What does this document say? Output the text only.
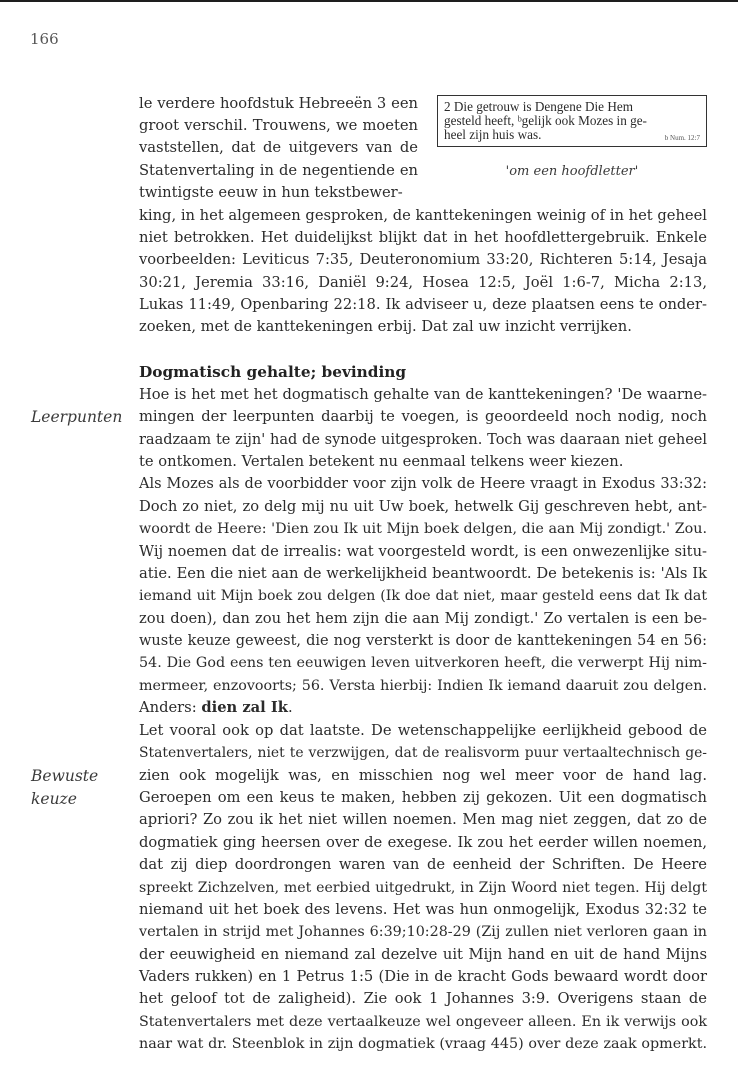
166
2 Die getrouw is Dengene Die Hem
gesteld heeft, ᵇgelijk ook Mozes in ge-
heel zijn huis was.	b Num. 12:7
'om een hoofdletter'
le verdere hoofdstuk Hebreeën 3 een
groot verschil. Trouwens, we moeten
vaststellen, dat de uitgevers van de
Statenvertaling in de negentiende en
twintigste eeuw in hun tekstbewer-
king, in het algemeen gesproken, de kanttekeningen weinig of in het geheel
niet betrokken. Het duidelijkst blijkt dat in het hoofdlettergebruik. Enkele
voorbeelden: Leviticus 7:35, Deuteronomium 33:20, Richteren 5:14, Jesaja
30:21, Jeremia 33:16, Daniël 9:24, Hosea 12:5, Joël 1:6-7, Micha 2:13,
Lukas 11:49, Openbaring 22:18. Ik adviseer u, deze plaatsen eens te onder-
zoeken, met de kanttekeningen erbij. Dat zal uw inzicht verrijken.
Dogmatisch gehalte; bevinding
Leerpunten
Hoe is het met het dogmatisch gehalte van de kanttekeningen? 'De waarne-
mingen der leerpunten daarbij te voegen, is geoordeeld noch nodig, noch
raadzaam te zijn' had de synode uitgesproken. Toch was daaraan niet geheel
te ontkomen. Vertalen betekent nu eenmaal telkens weer kiezen.
Als Mozes als de voorbidder voor zijn volk de Heere vraagt in Exodus 33:32:
Doch zo niet, zo delg mij nu uit Uw boek, hetwelk Gij geschreven hebt, ant-
woordt de Heere: 'Dien zou Ik uit Mijn boek delgen, die aan Mij zondigt.' Zou.
Wij noemen dat de irrealis: wat voorgesteld wordt, is een onwezenlijke situ-
atie. Een die niet aan de werkelijkheid beantwoordt. De betekenis is: 'Als Ik
iemand uit Mijn boek zou delgen (Ik doe dat niet, maar gesteld eens dat Ik dat
zou doen), dan zou het hem zijn die aan Mij zondigt.' Zo vertalen is een be-
wuste keuze geweest, die nog versterkt is door de kanttekeningen 54 en 56:
54. Die God eens ten eeuwigen leven uitverkoren heeft, die verwerpt Hij nim-
mermeer, enzovoorts; 56. Versta hierbij: Indien Ik iemand daaruit zou delgen.
Anders: dien zal Ik.
Bewuste
keuze
Let vooral ook op dat laatste. De wetenschappelijke eerlijkheid gebood de
Statenvertalers, niet te verzwijgen, dat de realisvorm puur vertaaltechnisch ge-
zien ook mogelijk was, en misschien nog wel meer voor de hand lag.
Geroepen om een keus te maken, hebben zij gekozen. Uit een dogmatisch
apriori? Zo zou ik het niet willen noemen. Men mag niet zeggen, dat zo de
dogmatiek ging heersen over de exegese. Ik zou het eerder willen noemen,
dat zij diep doordrongen waren van de eenheid der Schriften. De Heere
spreekt Zichzelven, met eerbied uitgedrukt, in Zijn Woord niet tegen. Hij delgt
niemand uit het boek des levens. Het was hun onmogelijk, Exodus 32:32 te
vertalen in strijd met Johannes 6:39;10:28-29 (Zij zullen niet verloren gaan in
der eeuwigheid en niemand zal dezelve uit Mijn hand en uit de hand Mijns
Vaders rukken) en 1 Petrus 1:5 (Die in de kracht Gods bewaard wordt door
het geloof tot de zaligheid). Zie ook 1 Johannes 3:9. Overigens staan de
Statenvertalers met deze vertaalkeuze wel ongeveer alleen. En ik verwijs ook
naar wat dr. Steenblok in zijn dogmatiek (vraag 445) over deze zaak opmerkt.
